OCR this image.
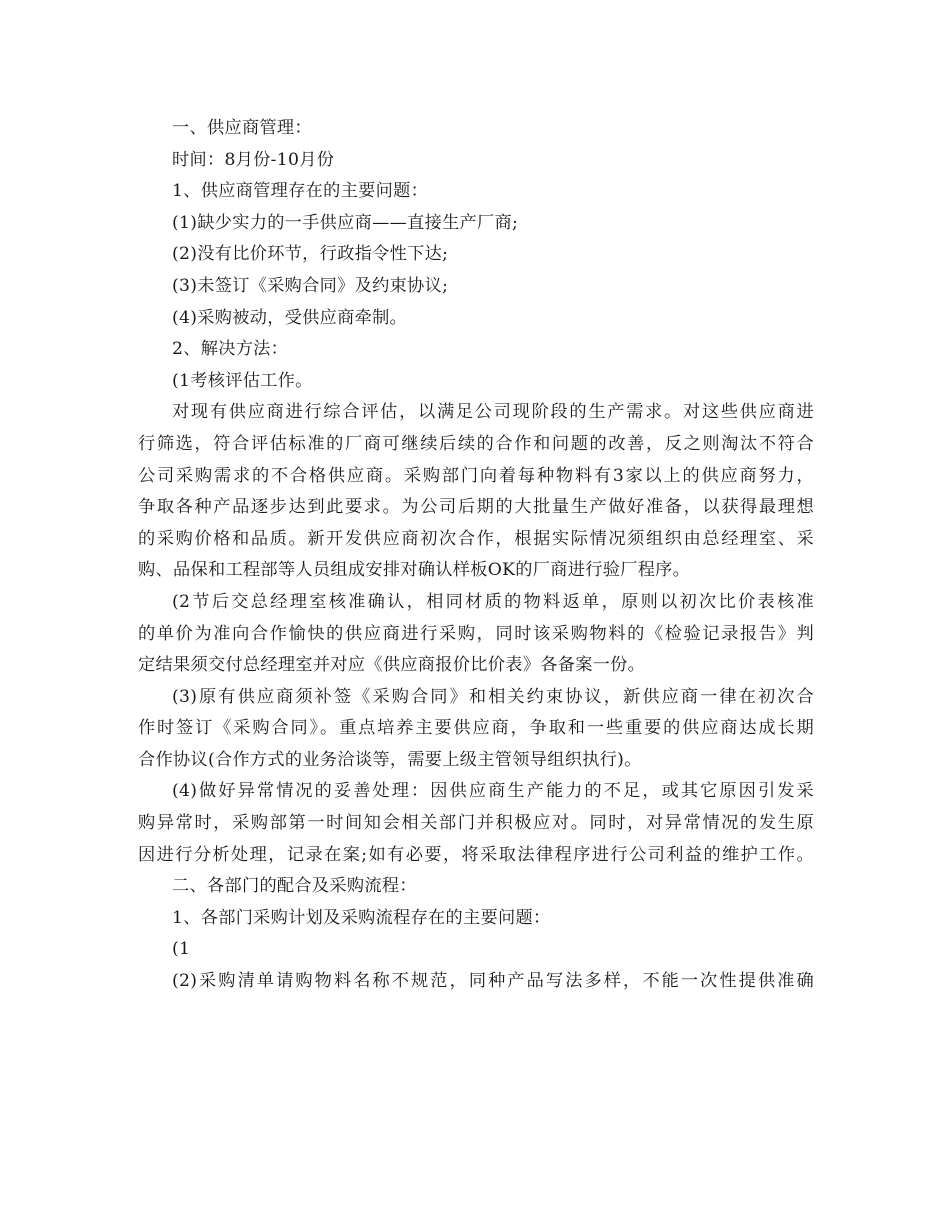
一、供应商管理：
时间：8月份-10月份
1、供应商管理存在的主要问题：
(1)缺少实力的一手供应商——直接生产厂商;
(2)没有比价环节，行政指令性下达;
(3)未签订《采购合同》及约束协议;
(4)采购被动，受供应商牵制。
2、解决方法：
(1考核评估工作。
对现有供应商进行综合评估，以满足公司现阶段的生产需求。对这些供应商进
行筛选，符合评估标准的厂商可继续后续的合作和问题的改善，反之则淘汰不符合
公司采购需求的不合格供应商。采购部门向着每种物料有3家以上的供应商努力，
争取各种产品逐步达到此要求。为公司后期的大批量生产做好准备，以获得最理想
的采购价格和品质。新开发供应商初次合作，根据实际情况须组织由总经理室、采
购、品保和工程部等人员组成安排对确认样板OK的厂商进行验厂程序。
(2节后交总经理室核准确认，相同材质的物料返单，原则以初次比价表核准
的单价为准向合作愉快的供应商进行采购，同时该采购物料的《检验记录报告》判
定结果须交付总经理室并对应《供应商报价比价表》各备案一份。
(3)原有供应商须补签《采购合同》和相关约束协议，新供应商一律在初次合
作时签订《采购合同》。重点培养主要供应商，争取和一些重要的供应商达成长期
合作协议(合作方式的业务洽谈等，需要上级主管领导组织执行)。
(4)做好异常情况的妥善处理：因供应商生产能力的不足，或其它原因引发采
购异常时，采购部第一时间知会相关部门并积极应对。同时，对异常情况的发生原
因进行分析处理，记录在案;如有必要，将采取法律程序进行公司利益的维护工作。
二、各部门的配合及采购流程：
1、各部门采购计划及采购流程存在的主要问题：
(1
(2)采购清单请购物料名称不规范，同种产品写法多样，不能一次性提供准确
